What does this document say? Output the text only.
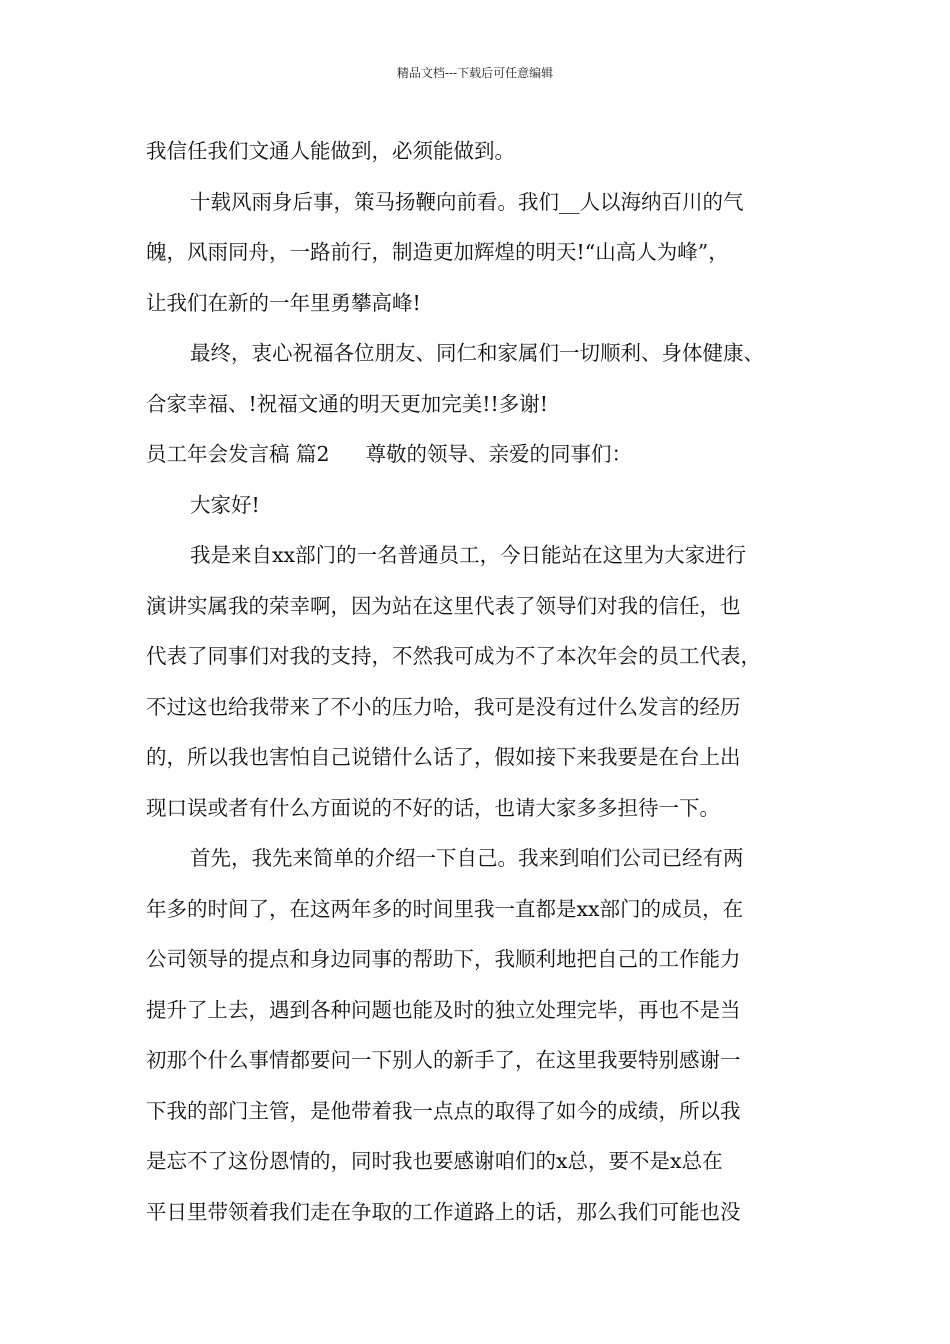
精品文档---下载后可任意编辑
我信任我们文通人能做到，必须能做到。
十载风雨身后事，策马扬鞭向前看。我们__人以海纳百川的气
魄，风雨同舟，一路前行，制造更加辉煌的明天!“山高人为峰”，
让我们在新的一年里勇攀高峰!
最终，衷心祝福各位朋友、同仁和家属们一切顺利、身体健康、
合家幸福、!祝福文通的明天更加完美!!多谢!
员工年会发言稿 篇2 尊敬的领导、亲爱的同事们：
大家好!
我是来自xx部门的一名普通员工，今日能站在这里为大家进行
演讲实属我的荣幸啊，因为站在这里代表了领导们对我的信任，也
代表了同事们对我的支持，不然我可成为不了本次年会的员工代表，
不过这也给我带来了不小的压力哈，我可是没有过什么发言的经历
的，所以我也害怕自己说错什么话了，假如接下来我要是在台上出
现口误或者有什么方面说的不好的话，也请大家多多担待一下。
首先，我先来简单的介绍一下自己。我来到咱们公司已经有两
年多的时间了，在这两年多的时间里我一直都是xx部门的成员，在
公司领导的提点和身边同事的帮助下，我顺利地把自己的工作能力
提升了上去，遇到各种问题也能及时的独立处理完毕，再也不是当
初那个什么事情都要问一下别人的新手了，在这里我要特别感谢一
下我的部门主管，是他带着我一点点的取得了如今的成绩，所以我
是忘不了这份恩情的，同时我也要感谢咱们的x总，要不是x总在
平日里带领着我们走在争取的工作道路上的话，那么我们可能也没
